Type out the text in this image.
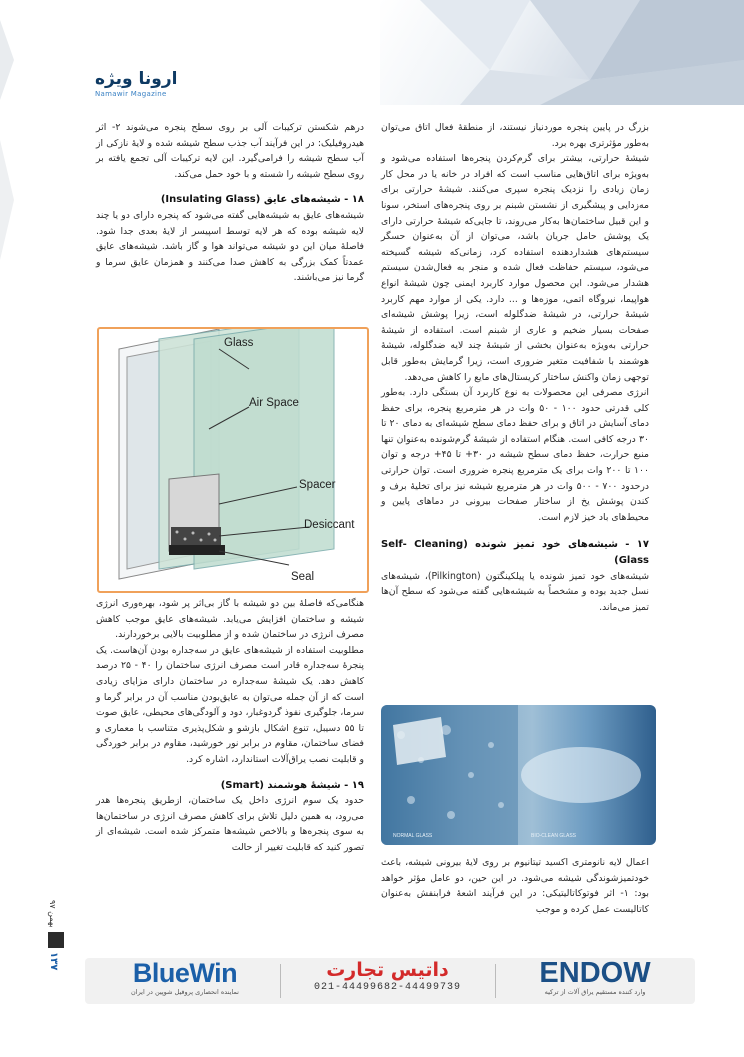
ارونا ویژه
Namawir Magazine

بزرگ در پایین پنجره موردنیاز نیستند، از منطقهٔ فعال اتاق می‌توان به‌طور مؤثرتری بهره برد.

شیشهٔ حرارتی، بیشتر برای گرم‌کردن پنجره‌ها استفاده می‌شود و به‌ویژه برای اتاق‌هایی مناسب است که افراد در خانه یا در محل کار زمان زیادی را نزدیک پنجره سپری می‌کنند. شیشهٔ حرارتی برای مه‌زدایی و پیشگیری از نشستن شبنم بر روی پنجره‌های استخر، سونا و این قبیل ساختمان‌ها به‌کار می‌روند، تا جایی‌که شیشهٔ حرارتی دارای یک پوشش حامل جریان باشد، می‌توان از آن به‌عنوان حسگر سیستم‌های هشداردهنده استفاده کرد، زمانی‌که شیشه گسیخته می‌شود، سیستم حفاظت فعال شده و منجر به فعال‌شدن سیستم هشدار می‌شود. این محصول موارد کاربرد ایمنی چون شیشهٔ انواع هواپیما، نیروگاه اتمی، موزه‌ها و ... دارد. یکی از موارد مهم کاربرد شیشهٔ حرارتی، در شیشهٔ ضدگلوله است، زیرا پوشش شیشه‌ای صفحات بسیار ضخیم و عاری از شبنم است. استفاده از شیشهٔ حرارتی به‌ویژه به‌عنوان بخشی از شیشهٔ چند لایه ضدگلوله، شیشهٔ هوشمند با شفافیت متغیر ضروری است، زیرا گرمایش به‌طور قابل توجهی زمان واکنش ساختار کریستال‌های مایع را کاهش می‌دهد.

انرژی مصرفی این محصولات به نوع کاربرد آن بستگی دارد. به‌طور کلی قدرتی حدود ۱۰۰ - ۵۰ وات در هر مترمربع پنجره، برای حفظ دمای آسایش در اتاق و برای حفظ دمای سطح شیشه‌ای به دمای ۲۰ تا ۳۰ درجه کافی است. هنگام استفاده از شیشهٔ گرم‌شونده به‌عنوان تنها منبع حرارت، حفظ دمای سطح شیشه در ۳۰+ تا ۴۵+ درجه و توان ۱۰۰ تا ۲۰۰ وات برای یک مترمربع پنجره ضروری است. توان حرارتی درحدود ۷۰۰ - ۵۰۰ وات در هر مترمربع شیشه نیز برای تخلیهٔ برف و کندن پوشش یخ از ساختار صفحات بیرونی در دماهای پایین و محیط‌های باد خیز لازم است.

۱۷ - شیشه‌های خود تمیز شونده (Self- Cleaning Glass)

شیشه‌های خود تمیز شونده یا پیلکینگتون (Pilkington)، شیشه‌های نسل جدید بوده و مشخصاً به شیشه‌هایی گفته می‌شود که سطح آن‌ها تمیز می‌ماند.

اعمال لایه نانومتری اکسید تیتانیوم بر روی لایهٔ بیرونی شیشه، باعث خودتمیزشوندگی شیشه می‌شود. در این حین، دو عامل مؤثر خواهد بود: ۱- اثر فوتوکاتالیتیکی: در این فرآیند اشعهٔ فرابنفش به‌عنوان کاتالیست عمل کرده و موجب

درهم شکستن ترکیبات آلی بر روی سطح پنجره می‌شوند ۲- اثر هیدروفیلیک: در این فرآیند آب جذب سطح شیشه شده و لایهٔ نازکی از آب سطح شیشه را فرامی‌گیرد. این لایه ترکیبات آلی تجمع یافته بر روی سطح شیشه را شسته و با خود حمل می‌کند.

۱۸ - شیشه‌های عایق (Insulating Glass)

شیشه‌های عایق به شیشه‌هایی گفته می‌شود که پنجره دارای دو یا چند لایه شیشه بوده که هر لایه توسط اسپیسر از لایهٔ بعدی جدا شود. فاصلهٔ میان این دو شیشه می‌تواند هوا و گاز باشد. شیشه‌های عایق عمدتاً کمک بزرگی به کاهش صدا می‌کنند و همزمان عایق سرما و گرما نیز می‌باشند.

Glass
Air Space
Spacer
Desiccant
Seal

هنگامی‌که فاصلهٔ بین دو شیشه با گاز بی‌اثر پر شود، بهره‌وری انرژی شیشه و ساختمان افزایش می‌یابد. شیشه‌های عایق موجب کاهش مصرف انرژی در ساختمان شده و از مطلوبیت بالایی برخوردارند.

مطلوبیت استفاده از شیشه‌های عایق در سه‌جداره بودن آن‌هاست. یک پنجرهٔ سه‌جداره قادر است مصرف انرژی ساختمان را ۴۰ - ۲۵ درصد کاهش دهد. یک شیشهٔ سه‌جداره در ساختمان دارای مزایای زیادی است که از آن جمله می‌توان به عایق‌بودن مناسب آن در برابر گرما و سرما، جلوگیری نفوذ گردوغبار، دود و آلودگی‌های محیطی، عایق صوت تا ۵۵ دسیبل، تنوع اشکال بازشو و شکل‌پذیری متناسب با معماری و فضای ساختمان، مقاوم در برابر نور خورشید، مقاوم در برابر خوردگی و قابلیت نصب یراق‌آلات استاندارد، اشاره کرد.

۱۹ - شیشهٔ هوشمند (Smart)

حدود یک سوم انرژی داخل یک ساختمان، ازطریق پنجره‌ها هدر می‌رود، به همین دلیل تلاش برای کاهش مصرف انرژی در ساختمان‌ها به سوی پنجره‌ها و بالاخص شیشه‌ها متمرکز شده است. شیشه‌ای از تصور کنید که قابلیت تغییر از حالت

NORMAL GLASS	BIO-CLEAN GLASS
بهمن ۹۷
۱۳۷	BlueWin
نماینده انحصاری پروفیل شوپین در ایران
داتیس تجارت
021-44499682-44499739	ENDOW
وارد کننده مستقیم یراق آلات از ترکیه
